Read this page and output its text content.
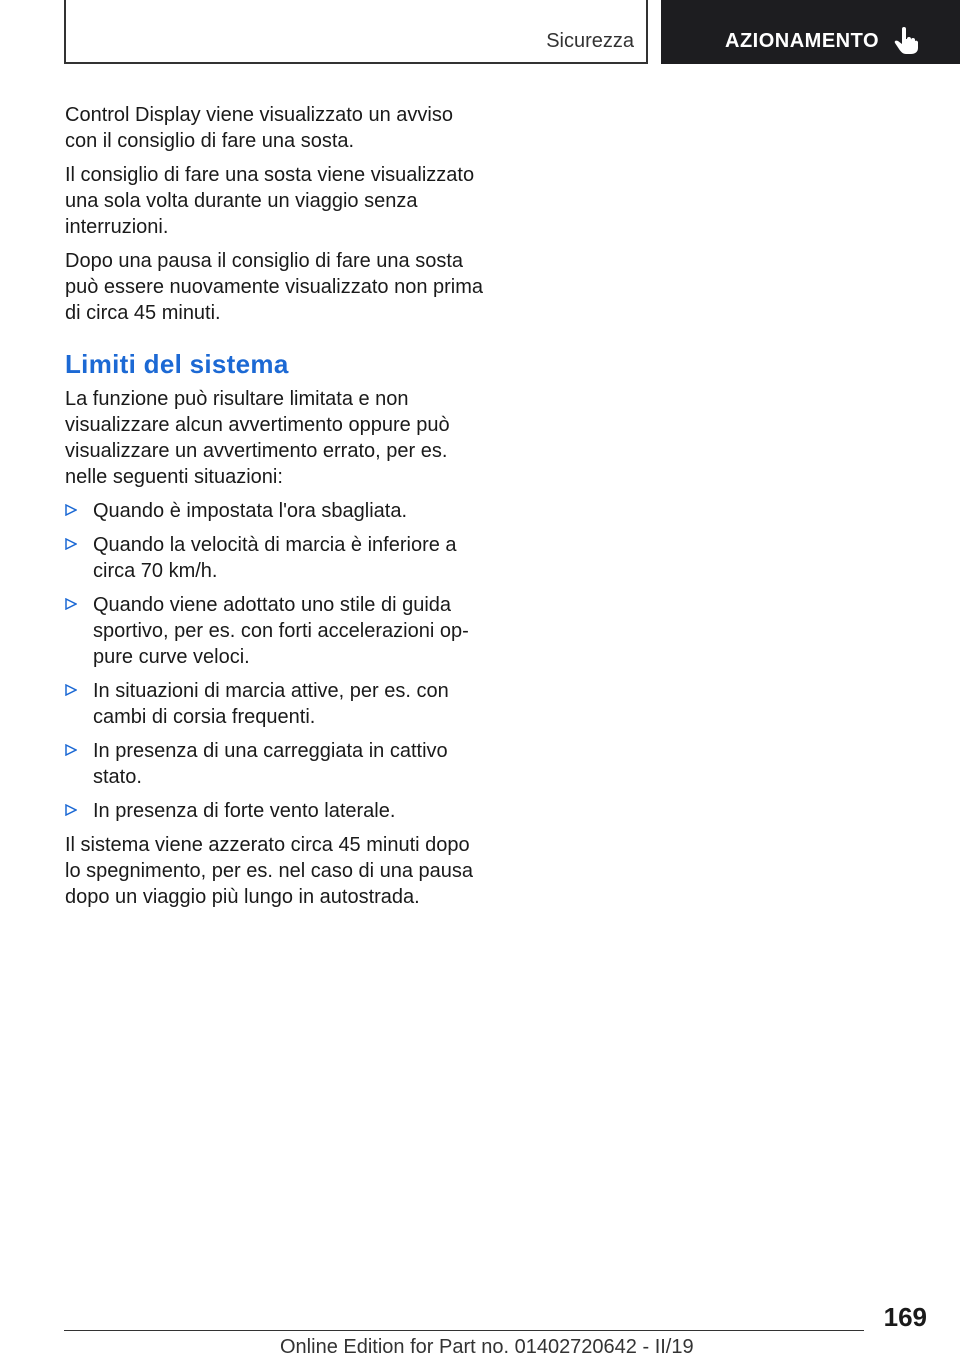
Sicurezza	AZIONAMENTO

Control Display viene visualizzato un avviso con il consiglio di fare una sosta.

Il consiglio di fare una sosta viene visualizzato una sola volta durante un viaggio senza interruzioni.

Dopo una pausa il consiglio di fare una sosta può essere nuovamente visualizzato non prima di circa 45 minuti.

Limiti del sistema

La funzione può risultare limitata e non visualizzare alcun avvertimento oppure può visualizzare un avvertimento errato, per es. nelle seguenti situazioni:

Quando è impostata l'ora sbagliata.
Quando la velocità di marcia è inferiore a circa 70 km/h.
Quando viene adottato uno stile di guida sportivo, per es. con forti accelerazioni oppure curve veloci.
In situazioni di marcia attive, per es. con cambi di corsia frequenti.
In presenza di una carreggiata in cattivo stato.
In presenza di forte vento laterale.

Il sistema viene azzerato circa 45 minuti dopo lo spegnimento, per es. nel caso di una pausa dopo un viaggio più lungo in autostrada.

169
Online Edition for Part no. 01402720642 - II/19
